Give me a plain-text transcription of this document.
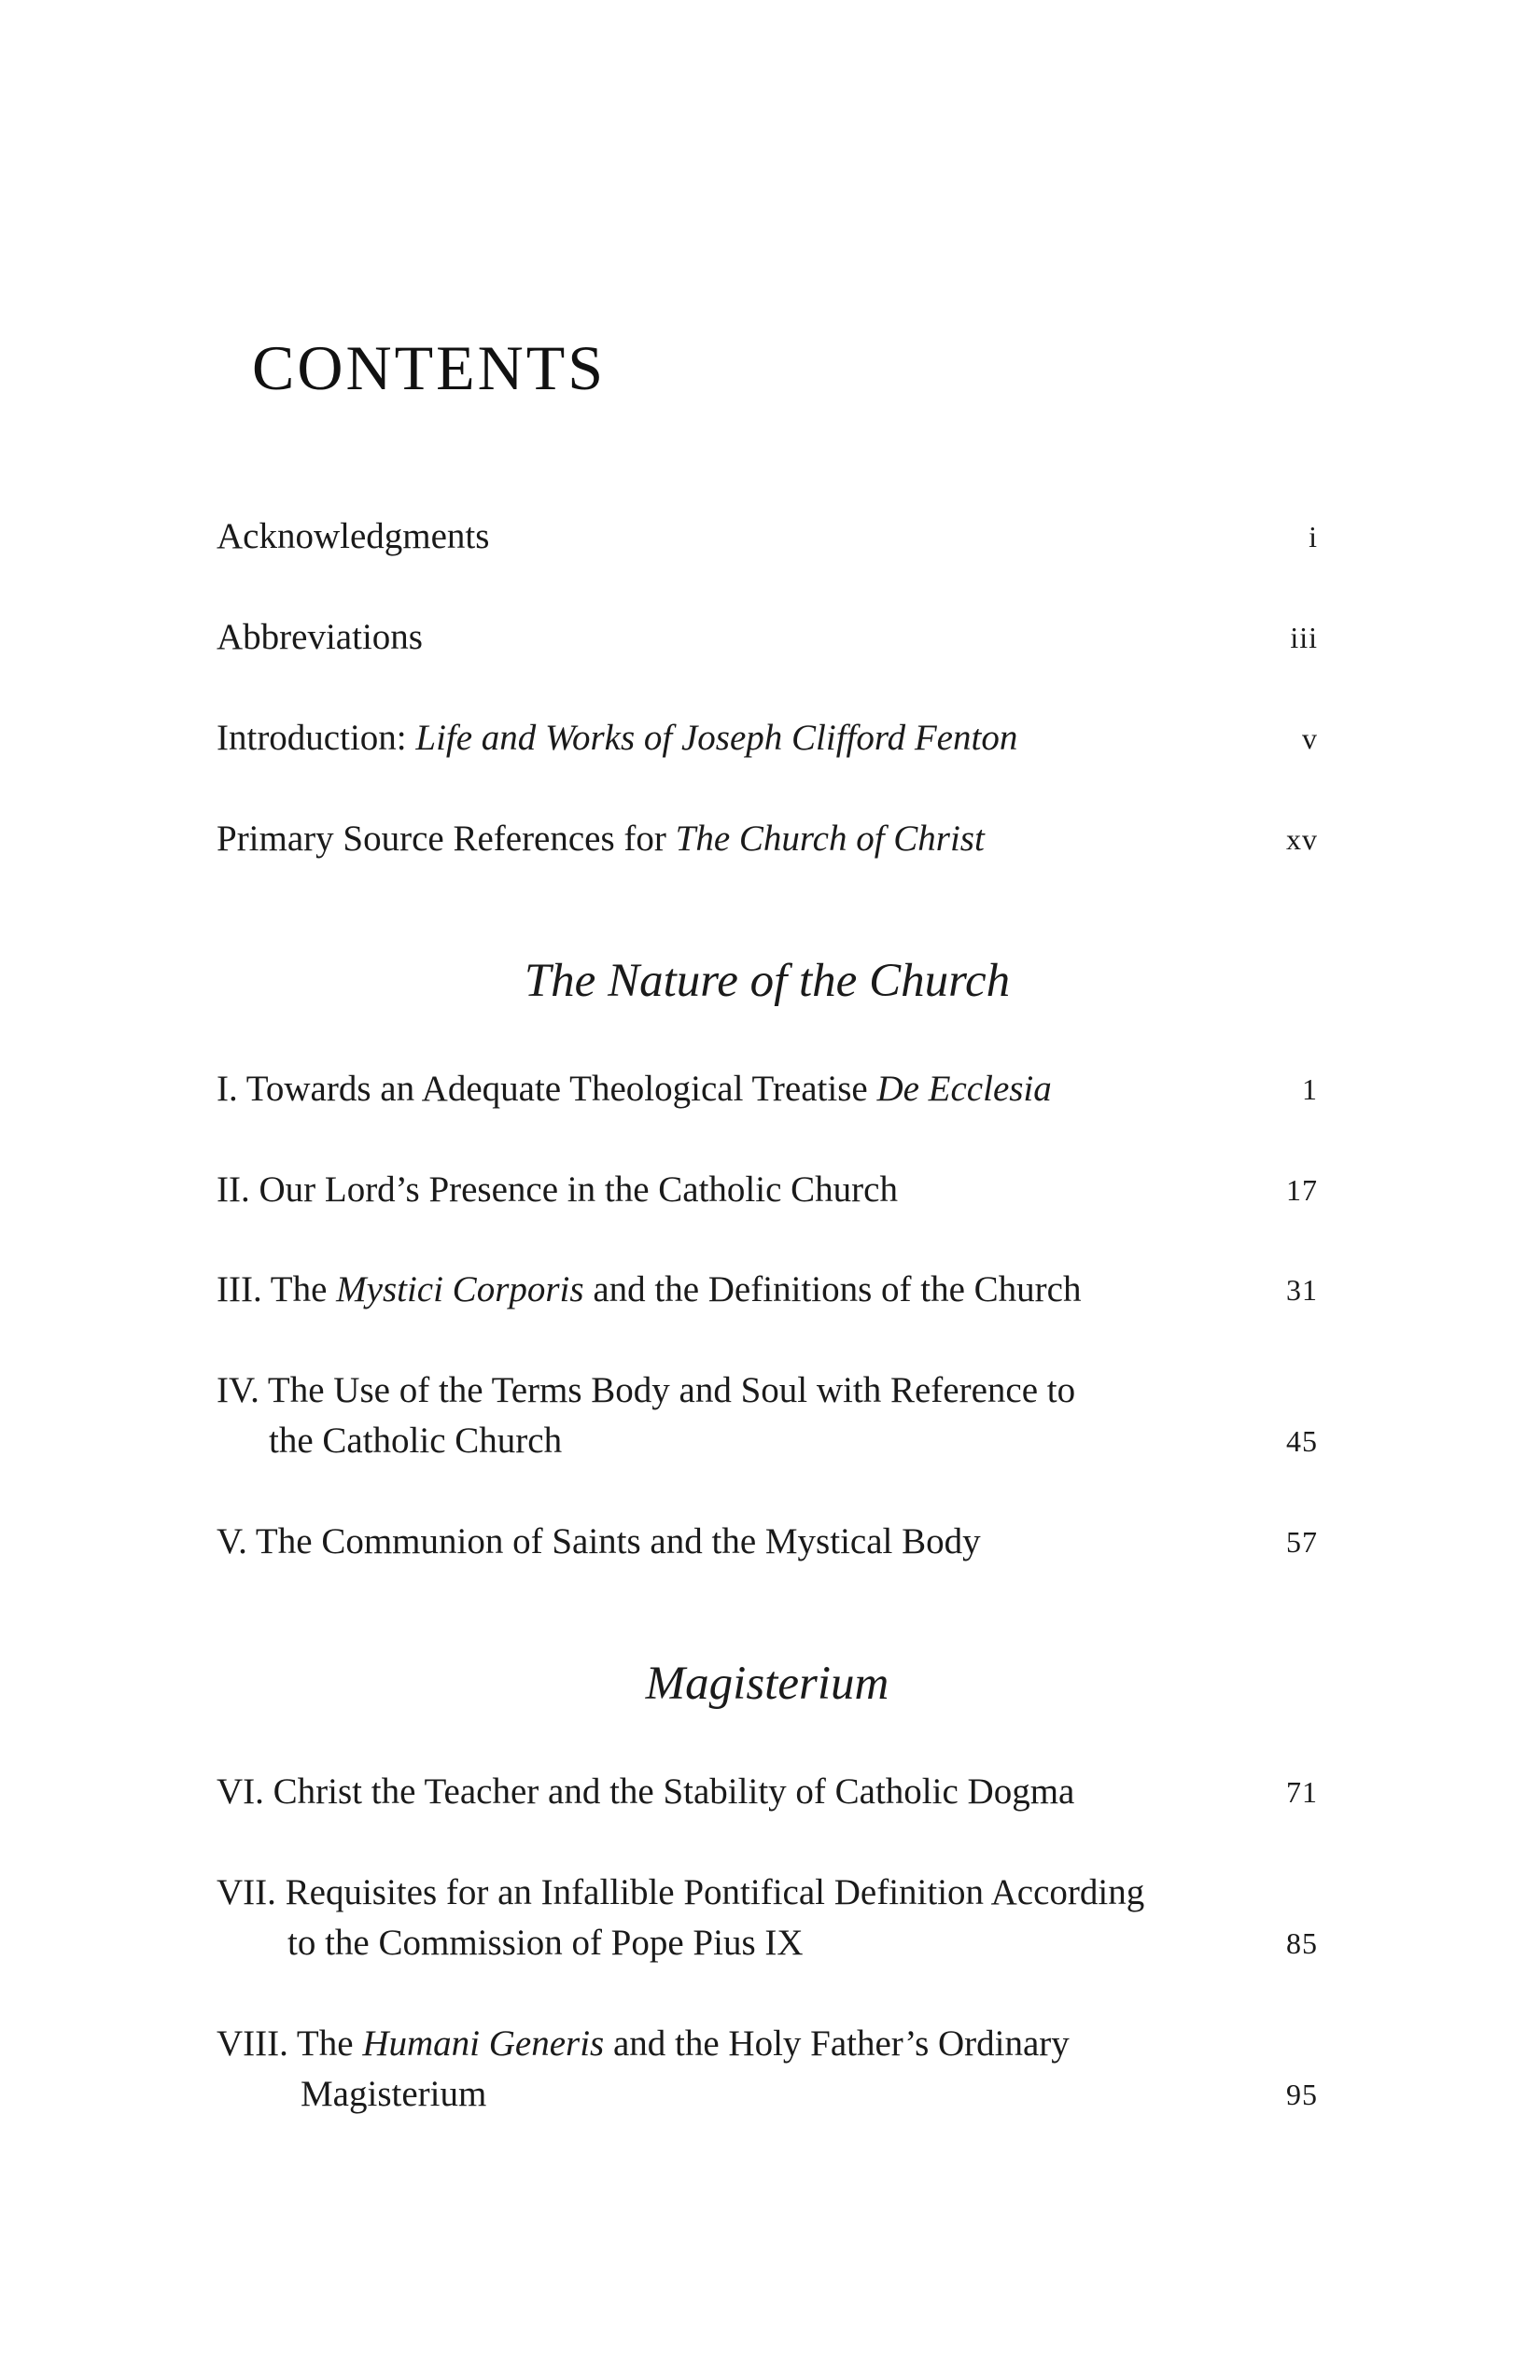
CONTENTS
Acknowledgments	i
Abbreviations	iii
Introduction: Life and Works of Joseph Clifford Fenton	v
Primary Source References for The Church of Christ	xv
The Nature of the Church
I. Towards an Adequate Theological Treatise De Ecclesia	1
II. Our Lord’s Presence in the Catholic Church	17
III. The Mystici Corporis and the Definitions of the Church	31
IV. The Use of the Terms Body and Soul with Reference to
the Catholic Church	45
V. The Communion of Saints and the Mystical Body	57
Magisterium
VI. Christ the Teacher and the Stability of Catholic Dogma	71
VII. Requisites for an Infallible Pontifical Definition According
to the Commission of Pope Pius IX	85
VIII. The Humani Generis and the Holy Father’s Ordinary
Magisterium	95
